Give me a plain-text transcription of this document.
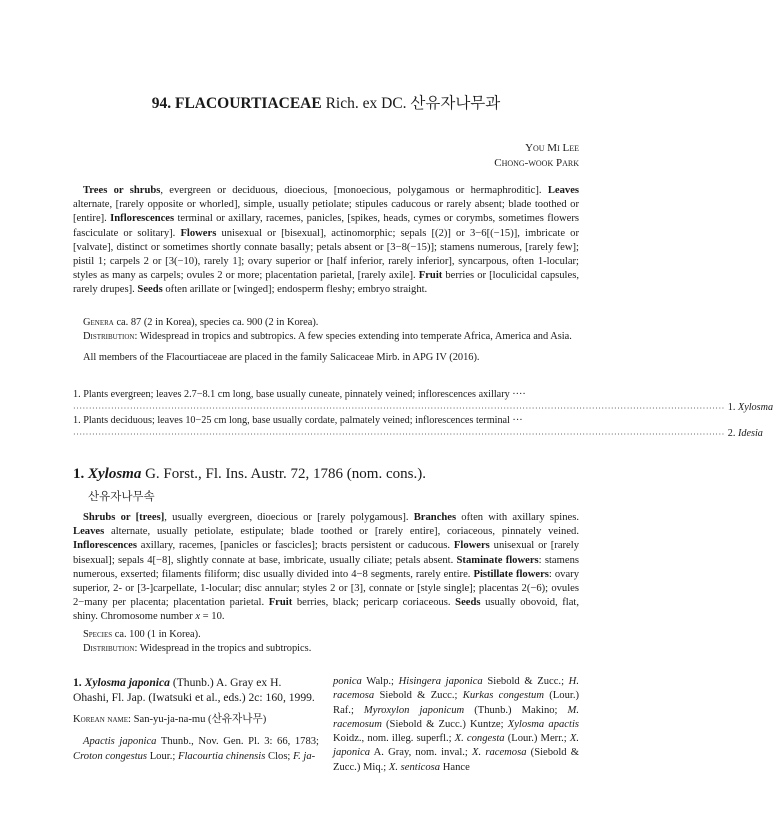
94. FLACOURTIACEAE Rich. ex DC. 산유자나무과
You Mi Lee
Chong-wook Park

Trees or shrubs, evergreen or deciduous, dioecious, [monoecious, polygamous or hermaphroditic]. Leaves alternate, [rarely opposite or whorled], simple, usually petiolate; stipules caducous or rarely absent; blade toothed or [entire]. Inflorescences terminal or axillary, racemes, panicles, [spikes, heads, cymes or corymbs, sometimes flowers fasciculate or solitary]. Flowers unisexual or [bisexual], actinomorphic; sepals [(2)] or 3−6[(−15)], imbricate or [valvate], distinct or sometimes shortly connate basally; petals absent or [3−8(−15)]; stamens numerous, [rarely few]; pistil 1; carpels 2 or [3(−10), rarely 1]; ovary superior or [half inferior, rarely inferior], syncarpous, often 1-locular; styles as many as carpels; ovules 2 or more; placentation parietal, [rarely axile]. Fruit berries or [loculicidal capsules, rarely drupes]. Seeds often arillate or [winged]; endosperm fleshy; embryo straight.

Genera ca. 87 (2 in Korea), species ca. 900 (2 in Korea).

Distribution: Widespread in tropics and subtropics. A few species extending into temperate Africa, America and Asia.

All members of the Flacourtiaceae are placed in the family Salicaceae Mirb. in APG IV (2016).

1. Plants evergreen; leaves 2.7−8.1 cm long, base usually cuneate, pinnately veined; inflorescences axillary ····
·············································································································································································································· 1. Xylosma
1. Plants deciduous; leaves 10−25 cm long, base usually cordate, palmately veined; inflorescences terminal ···
·············································································································································································································· 2. Idesia
1. Xylosma G. Forst., Fl. Ins. Austr. 72, 1786 (nom. cons.).
산유자나무속

Shrubs or [trees], usually evergreen, dioecious or [rarely polygamous]. Branches often with axillary spines. Leaves alternate, usually petiolate, estipulate; blade toothed or [rarely entire], coriaceous, pinnately veined. Inflorescences axillary, racemes, [panicles or fascicles]; bracts persistent or caducous. Flowers unisexual or [rarely bisexual]; sepals 4[−8], slightly connate at base, imbricate, usually ciliate; petals absent. Staminate flowers: stamens numerous, exserted; filaments filiform; disc usually divided into 4−8 segments, rarely entire. Pistillate flowers: ovary superior, 2- or [3-]carpellate, 1-locular; disc annular; styles 2 or [3], connate or [style single]; placentas 2(−6); ovules 2−many per placenta; placentation parietal. Fruit berries, black; pericarp coriaceous. Seeds usually obovoid, flat, shiny. Chromosome number x = 10.

Species ca. 100 (1 in Korea).

Distribution: Widespread in the tropics and subtropics.

1. Xylosma japonica (Thunb.) A. Gray ex H. Ohashi, Fl. Jap. (Iwatsuki et al., eds.) 2c: 160, 1999.

Korean name: San-yu-ja-na-mu (산유자나무)

Apactis japonica Thunb., Nov. Gen. Pl. 3: 66, 1783; Croton congestus Lour.; Flacourtia chinensis Clos; F. ja-

ponica Walp.; Hisingera japonica Siebold & Zucc.; H. racemosa Siebold & Zucc.; Kurkas congestum (Lour.) Raf.; Myroxylon japonicum (Thunb.) Makino; M. racemosum (Siebold & Zucc.) Kuntze; Xylosma apactis Koidz., nom. illeg. superfl.; X. congesta (Lour.) Merr.; X. japonica A. Gray, nom. inval.; X. racemosa (Siebold & Zucc.) Miq.; X. senticosa Hance
